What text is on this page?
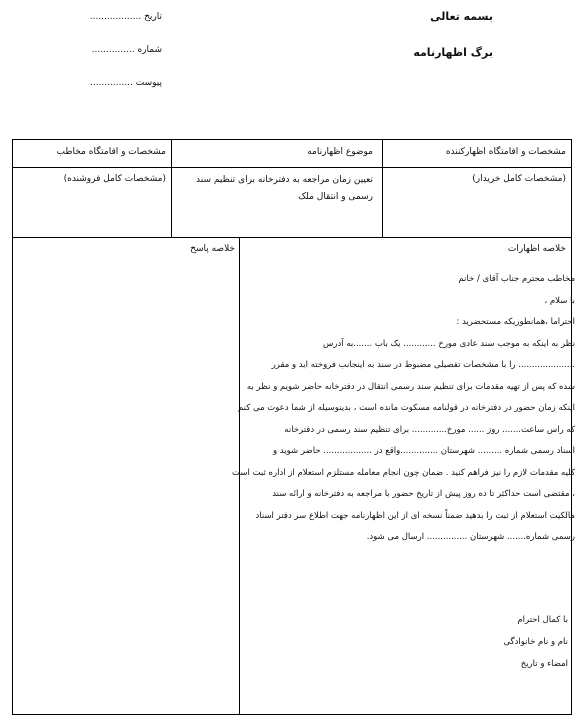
بسمه تعالی
برگ اظهارنامه
تاریخ ..................
شماره ...............
پیوست ...............
مشخصات و اقامتگاه اظهارکننده
موضوع اظهارنامه
مشخصات و اقامتگاه مخاطب
(مشخصات کامل خریدار)
تعیین زمان مراجعه به دفترخانه برای تنظیم سند رسمی و انتقال ملک
(مشخصات کامل فروشنده)
خلاصه اظهارات
خلاصه پاسخ
مخاطب محترم جناب آقای / خانم
با سلام ،
احتراما ،همانطوریکه مستحضرید :
نظر به اینکه به موجب سند عادی مورخ ............ یک باب .......به آدرس
..................... را با مشخصات تفصیلی مضبوط در سند به اینجانب فروخته اید و مقرر
شده که پس از تهیه مقدمات برای تنظیم سند رسمی انتقال در دفترخانه حاضر شویم و نظر به
اینکه زمان حضور در دفترخانه در قولنامه مسکوت مانده است ، بدینوسیله از شما دعوت می کنم
که راس ساعت....... روز ...... مورخ............. برای تنظیم سند رسمی در دفترخانه
اسناد رسمی شماره ......... شهرستان ..............واقع در .................. حاضر شوید و
کلیه مقدمات لازم را نیز فراهم کنید . ضمان چون انجام معامله مستلزم استعلام از اداره ثبت است
، مقتضی است حداکثر تا ده روز پیش از تاریخ حضور با مراجعه به دفترخانه و ارائه سند
مالکیت استعلام از ثبت را بدهید ضمناً نسخه ای از این اظهارنامه جهت اطلاع سر دفتر اسناد
رسمی شماره....... شهرستان ............... ارسال می شود.
با کمال احترام
نام و نام خانوادگی
امضاء و تاریخ
